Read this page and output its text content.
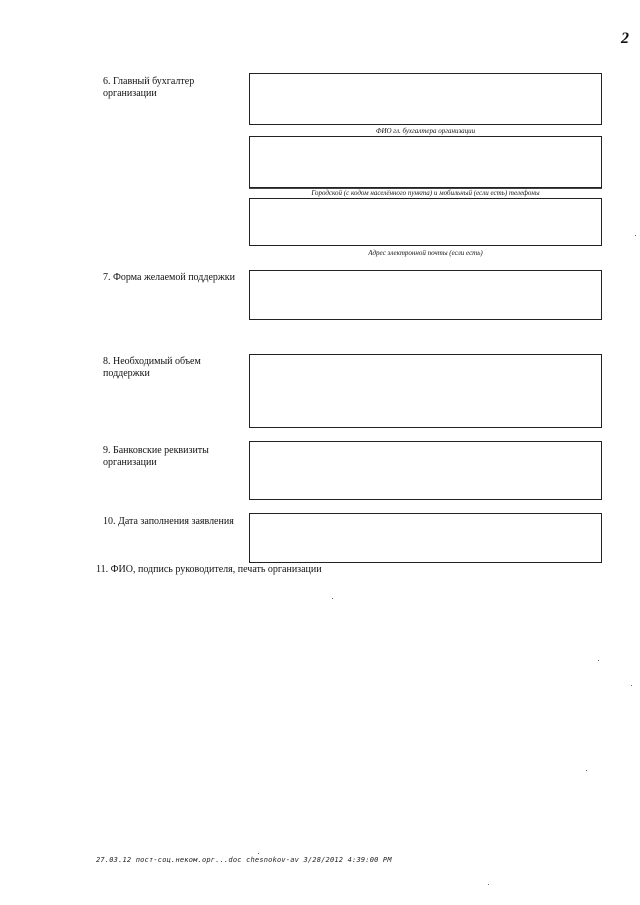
2
6. Главный бухгалтер организации
ФИО гл. бухгалтера организации
Городской (с кодом населённого пункта) и мобильный (если есть) телефоны
Адрес электронной почты (если есть)
7. Форма желаемой поддержки
8. Необходимый объем поддержки
9. Банковские реквизиты организации
10. Дата заполнения заявления
11. ФИО, подпись руководителя, печать организации
27.03.12 пост-соц.неком.орг...doc chesnokov-av 3/28/2012 4:39:00 PM
